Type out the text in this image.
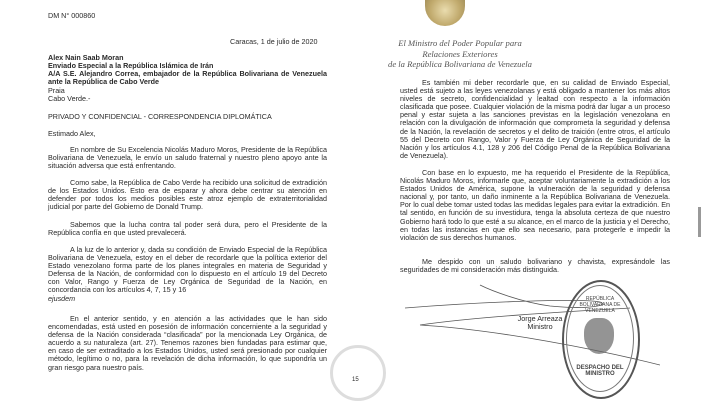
DM N° 000860
Caracas, 1 de julio de 2020
Alex Nain Saab Moran
Enviado Especial a la República Islámica de Irán
A/A S.E. Alejandro Correa, embajador de la República Bolivariana de Venezuela ante la República de Cabo Verde
Praia
Cabo Verde.-
PRIVADO Y CONFIDENCIAL - CORRESPONDENCIA DIPLOMÁTICA
Estimado Alex,

En nombre de Su Excelencia Nicolás Maduro Moros, Presidente de la República Bolivariana de Venezuela, le envío un saludo fraternal y nuestro pleno apoyo ante la situación adversa que está enfrentando.

Como sabe, la República de Cabo Verde ha recibido una solicitud de extradición de los Estados Unidos. Esto era de esparar y ahora debe centrar su atención en defender por todos los medios posibles este atroz ejemplo de extraterritorialidad judicial por parte del Gobierno de Donald Trump.

Sabemos que la lucha contra tal poder será dura, pero el Presidente de la República confía en que usted prevalecerá.

A la luz de lo anterior y, dada su condición de Enviado Especial de la República Bolivariana de Venezuela, estoy en el deber de recordarle que la política exterior del Estado venezolano forma parte de los planes integrales en materia de Seguridad y Defensa de la Nación, de conformidad con lo dispuesto en el artículo 19 del Decreto con Valor, Rango y Fuerza de Ley Orgánica de Seguridad de la Nación, en concordancia con los artículos 4, 7, 15 y 16

ejusdem

En el anterior sentido, y en atención a las actividades que le han sido encomendadas, está usted en posesión de información concerniente a la seguridad y defensa de la Nación considerada “clasificada” por la mencionada Ley Orgánica, de acuerdo a su naturaleza (art. 27). Tenemos razones bien fundadas para estimar que, en caso de ser extraditado a los Estados Unidos, usted será presionado por cualquier método, legítimo o no, para la revelación de dicha información, lo que supondría un gran riesgo para nuestro país.

15
El Ministro del Poder Popular para
Relaciones Exteriores
de la República Bolivariana de Venezuela

Es también mi deber recordarle que, en su calidad de Enviado Especial, usted está sujeto a las leyes venezolanas y está obligado a mantener los más altos niveles de secreto, confidencialidad y lealtad con respecto a la información clasificada que posee. Cualquier violación de la misma podrá dar lugar a un proceso penal y estar sujeta a las sanciones previstas en la legislación venezolana en relación con la divulgación de información que comprometa la seguridad y defensa de la Nación, la revelación de secretos y el delito de traición (entre otros, el artículo 55 del Decreto con Rango, Valor y Fuerza de Ley Orgánica de Seguridad de la Nación y los artículos 4.1, 128 y 206 del Código Penal de la República Bolivariana de Venezuela).

Con base en lo expuesto, me ha requerido el Presidente de la República, Nicolás Maduro Moros, informarle que, aceptar voluntariamente la extradición a los Estados Unidos de América, supone la vulneración de la seguridad y defensa nacional y, por tanto, un daño inminente a la República Bolivariana de Venezuela. Por lo cual debe tomar usted todas las medidas legales para evitar la extradición. En tal sentido, en función de su investidura, tenga la absoluta certeza de que nuestro Gobierno hará todo lo que esté a su alcance, en el marco de la justicia y el Derecho, en todas las instancias en que ello sea necesario, para protegerle e impedir la violación de sus derechos humanos.

Me despido con un saludo bolivariano y chavista, expresándole las seguridades de mi consideración más distinguida.

Jorge Arreaza
Ministro
REPÚBLICA BOLIVARIANA DE VENEZUELA
DESPACHO DEL MINISTRO
